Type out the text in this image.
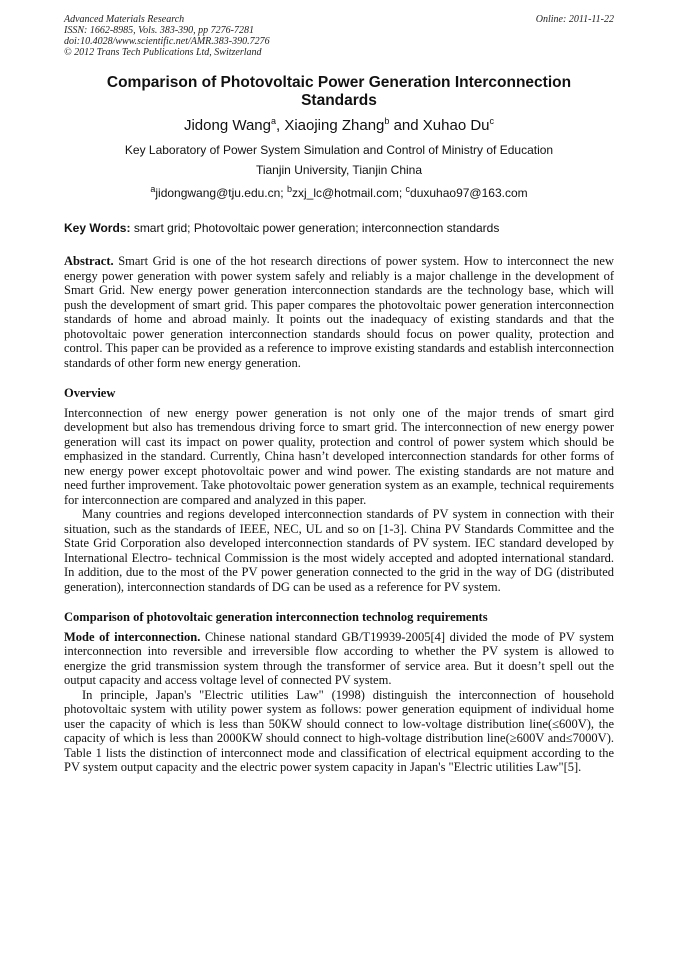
Advanced Materials Research
ISSN: 1662-8985, Vols. 383-390, pp 7276-7281
doi:10.4028/www.scientific.net/AMR.383-390.7276
© 2012 Trans Tech Publications Ltd, Switzerland
Online: 2011-11-22
Comparison of Photovoltaic Power Generation Interconnection Standards
Jidong Wang$^a$, Xiaojing Zhang$^b$ and Xuhao Du$^c$
Key Laboratory of Power System Simulation and Control of Ministry of Education
Tianjin University, Tianjin China
$^a$jidongwang@tju.edu.cn; $^b$zxj_lc@hotmail.com; $^c$duxuhao97@163.com
Key Words: smart grid; Photovoltaic power generation; interconnection standards

Abstract. Smart Grid is one of the hot research directions of power system. How to interconnect the new energy power generation with power system safely and reliably is a major challenge in the development of Smart Grid. New energy power generation interconnection standards are the technology base, which will push the development of smart grid. This paper compares the photovoltaic power generation interconnection standards of home and abroad mainly. It points out the inadequacy of existing standards and that the photovoltaic power generation interconnection standards should focus on power quality, protection and control. This paper can be provided as a reference to improve existing standards and establish interconnection standards of other form new energy generation.

Overview

Interconnection of new energy power generation is not only one of the major trends of smart gird development but also has tremendous driving force to smart grid. The interconnection of new energy power generation will cast its impact on power quality, protection and control of power system which should be emphasized in the standard. Currently, China hasn’t developed interconnection standards for other forms of new energy power except photovoltaic power and wind power. The existing standards are not mature and need further improvement. Take photovoltaic power generation system as an example, technical requirements for interconnection are compared and analyzed in this paper.

Many countries and regions developed interconnection standards of PV system in connection with their situation, such as the standards of IEEE, NEC, UL and so on [1-3]. China PV Standards Committee and the State Grid Corporation also developed interconnection standards of PV system. IEC standard developed by International Electro- technical Commission is the most widely accepted and adopted international standard. In addition, due to the most of the PV power generation connected to the grid in the way of DG (distributed generation), interconnection standards of DG can be used as a reference for PV system.

Comparison of photovoltaic generation interconnection technolog requirements

Mode of interconnection. Chinese national standard GB/T19939-2005[4] divided the mode of PV system interconnection into reversible and irreversible flow according to whether the PV system is allowed to energize the grid transmission system through the transformer of service area. But it doesn’t spell out the output capacity and access voltage level of connected PV system.

In principle, Japan's "Electric utilities Law" (1998) distinguish the interconnection of household photovoltaic system with utility power system as follows: power generation equipment of individual home user the capacity of which is less than 50KW should connect to low-voltage distribution line(≤600V), the capacity of which is less than 2000KW should connect to high-voltage distribution line(≥600V and≤7000V). Table 1 lists the distinction of interconnect mode and classification of electrical equipment according to the PV system output capacity and the electric power system capacity in Japan's "Electric utilities Law"[5].
